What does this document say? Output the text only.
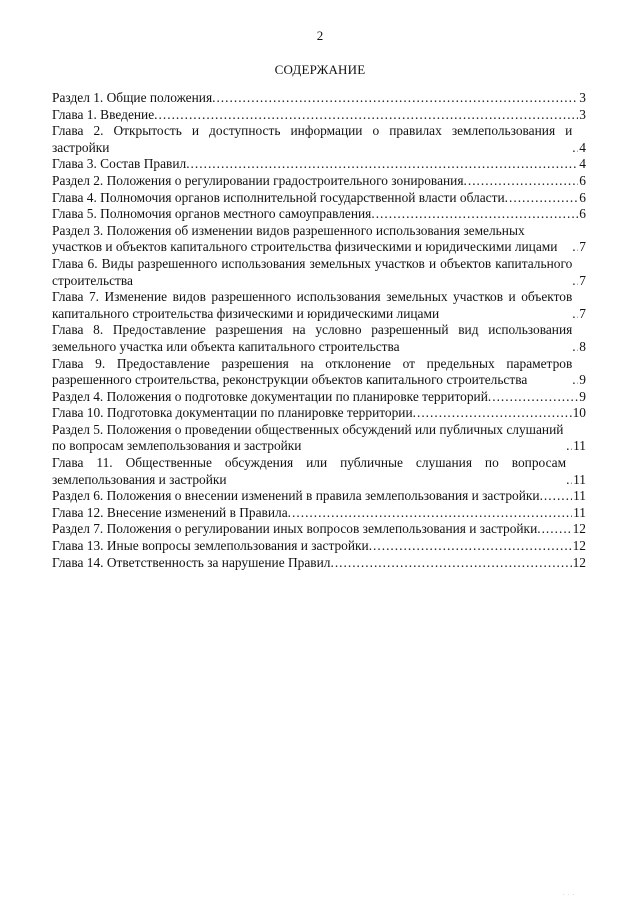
2
СОДЕРЖАНИЕ
Раздел 1. Общие положения .....	3
Глава 1. Введение .....	3
Глава 2. Открытость и доступность информации о правилах землепользования и застройки .....	4
Глава 3. Состав Правил .....	4
Раздел 2. Положения о регулировании градостроительного зонирования .....	6
Глава 4. Полномочия органов исполнительной государственной власти области .....	6
Глава 5. Полномочия органов местного самоуправления .....	6
Раздел 3. Положения об изменении видов разрешенного использования земельных участков и объектов капитального строительства физическими и юридическими лицами .....	7
Глава 6. Виды разрешенного использования земельных участков и объектов капитального строительства .....	7
Глава 7. Изменение видов разрешенного использования земельных участков и объектов капитального строительства физическими и юридическими лицами .....	7
Глава 8. Предоставление разрешения на условно разрешенный вид использования земельного участка или объекта капитального строительства .....	8
Глава 9. Предоставление разрешения на отклонение от предельных параметров разрешенного строительства, реконструкции объектов капитального строительства .....	9
Раздел 4. Положения о подготовке документации по планировке территорий .....	9
Глава 10. Подготовка документации по планировке территории .....	10
Раздел 5. Положения о проведении общественных обсуждений или публичных слушаний по вопросам землепользования и застройки .....	11
Глава 11. Общественные обсуждения или публичные слушания по вопросам землепользования и застройки .....	11
Раздел 6. Положения о внесении изменений в правила землепользования и застройки .....	11
Глава 12. Внесение изменений в Правила .....	11
Раздел 7. Положения о регулировании иных вопросов землепользования и застройки .....	12
Глава 13. Иные вопросы землепользования и застройки .....	12
Глава 14. Ответственность за нарушение Правил .....	12
· · ·
